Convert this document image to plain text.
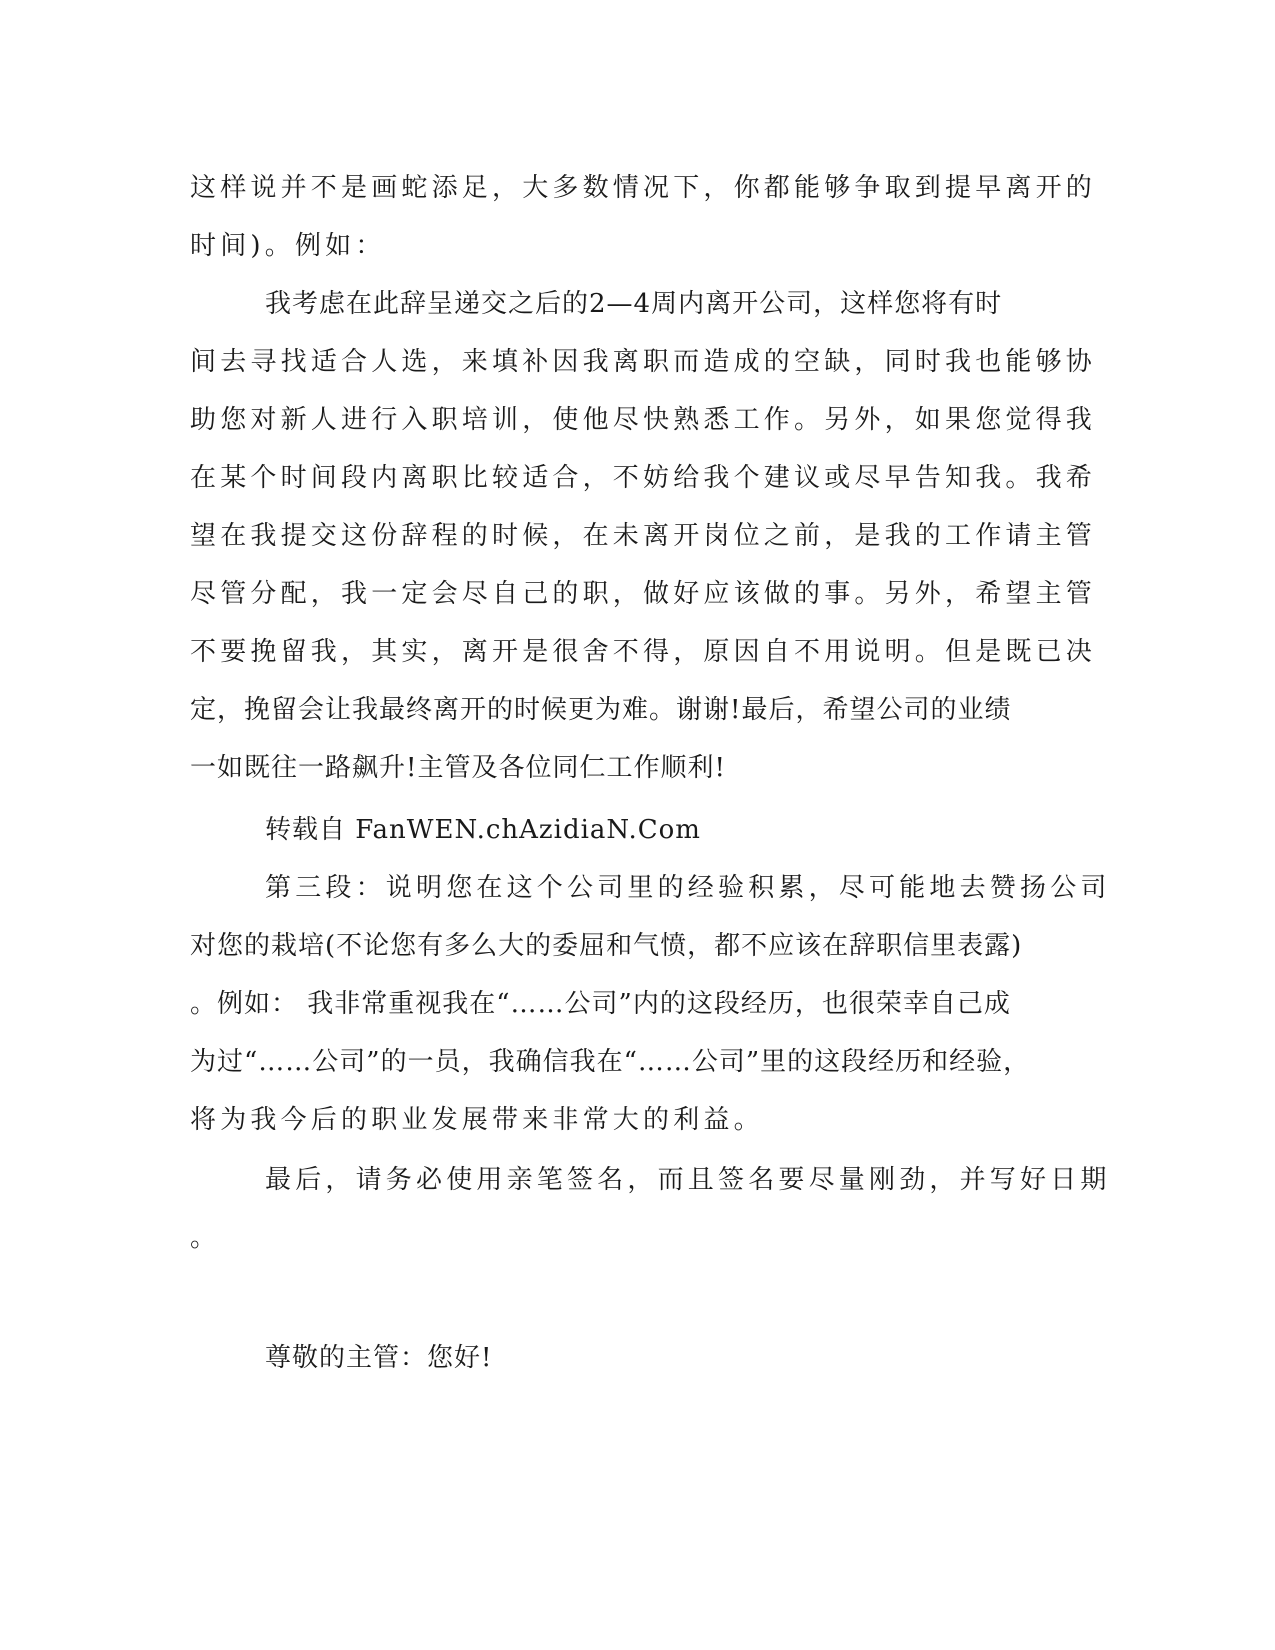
这样说并不是画蛇添足，大多数情况下，你都能够争取到提早离开的
时间)。例如：
我考虑在此辞呈递交之后的2—4周内离开公司，这样您将有时
间去寻找适合人选，来填补因我离职而造成的空缺，同时我也能够协
助您对新人进行入职培训，使他尽快熟悉工作。另外，如果您觉得我
在某个时间段内离职比较适合，不妨给我个建议或尽早告知我。我希
望在我提交这份辞程的时候，在未离开岗位之前，是我的工作请主管
尽管分配，我一定会尽自己的职，做好应该做的事。另外，希望主管
不要挽留我，其实，离开是很舍不得，原因自不用说明。但是既已决
定，挽留会让我最终离开的时候更为难。谢谢!最后，希望公司的业绩
一如既往一路飙升!主管及各位同仁工作顺利!
转载自 FanWEN.chAzidiaN.Com
第三段：说明您在这个公司里的经验积累，尽可能地去赞扬公司
对您的栽培(不论您有多么大的委屈和气愤，都不应该在辞职信里表露)
。例如： 我非常重视我在“……公司”内的这段经历，也很荣幸自己成
为过“……公司”的一员，我确信我在“……公司”里的这段经历和经验，
将为我今后的职业发展带来非常大的利益。
最后，请务必使用亲笔签名，而且签名要尽量刚劲，并写好日期
。
尊敬的主管：您好!
